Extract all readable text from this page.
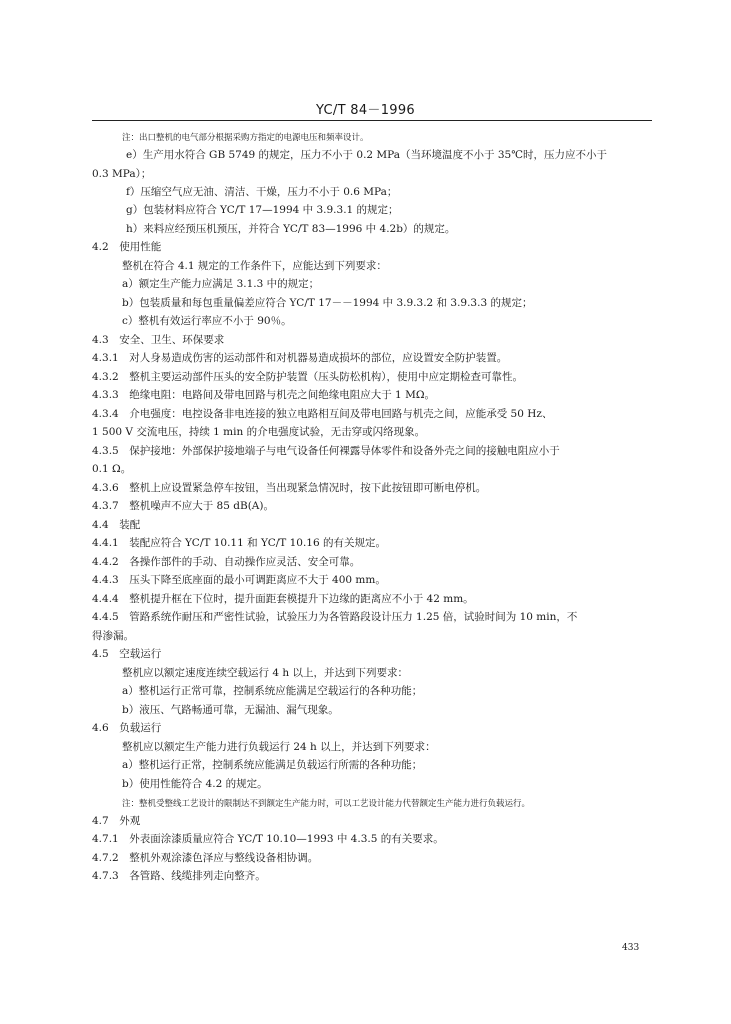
YC/T 84－1996
注：出口整机的电气部分根据采购方指定的电源电压和频率设计。
e）生产用水符合 GB 5749 的规定，压力不小于 0.2 MPa（当环境温度不小于 35℃时，压力应不小于
0.3 MPa）；
f）压缩空气应无油、清洁、干燥，压力不小于 0.6 MPa；
g）包装材料应符合 YC/T 17—1994 中 3.9.3.1 的规定；
h）来料应经预压机预压，并符合 YC/T 83—1996 中 4.2b）的规定。
4.2　使用性能
整机在符合 4.1 规定的工作条件下，应能达到下列要求：
a）额定生产能力应满足 3.1.3 中的规定；
b）包装质量和每包重量偏差应符合 YC/T 17－－1994 中 3.9.3.2 和 3.9.3.3 的规定；
c）整机有效运行率应不小于 90％。
4.3　安全、卫生、环保要求
4.3.1　对人身易造成伤害的运动部件和对机器易造成损坏的部位，应设置安全防护装置。
4.3.2　整机主要运动部件压头的安全防护装置（压头防松机构），使用中应定期检查可靠性。
4.3.3　绝缘电阻：电路间及带电回路与机壳之间绝缘电阻应大于 1 MΩ。
4.3.4　介电强度：电控设备非电连接的独立电路相互间及带电回路与机壳之间，应能承受 50 Hz、
1 500 V 交流电压，持续 1 min 的介电强度试验，无击穿或闪络现象。
4.3.5　保护接地：外部保护接地端子与电气设备任何裸露导体零件和设备外壳之间的接触电阻应小于
0.1 Ω。
4.3.6　整机上应设置紧急停车按钮，当出现紧急情况时，按下此按钮即可断电停机。
4.3.7　整机噪声不应大于 85 dB(A)。
4.4　装配
4.4.1　装配应符合 YC/T 10.11 和 YC/T 10.16 的有关规定。
4.4.2　各操作部件的手动、自动操作应灵活、安全可靠。
4.4.3　压头下降至底座面的最小可调距离应不大于 400 mm。
4.4.4　整机提升框在下位时，提升面距套模提升下边缘的距离应不小于 42 mm。
4.4.5　管路系统作耐压和严密性试验，试验压力为各管路段设计压力 1.25 倍，试验时间为 10 min，不
得渗漏。
4.5　空载运行
整机应以额定速度连续空载运行 4 h 以上，并达到下列要求：
a）整机运行正常可靠，控制系统应能满足空载运行的各种功能；
b）液压、气路畅通可靠，无漏油、漏气现象。
4.6　负载运行
整机应以额定生产能力进行负载运行 24 h 以上，并达到下列要求：
a）整机运行正常，控制系统应能满足负载运行所需的各种功能；
b）使用性能符合 4.2 的规定。
注：整机受整线工艺设计的限制达不到额定生产能力时，可以工艺设计能力代替额定生产能力进行负载运行。
4.7　外观
4.7.1　外表面涂漆质量应符合 YC/T 10.10—1993 中 4.3.5 的有关要求。
4.7.2　整机外观涂漆色泽应与整线设备相协调。
4.7.3　各管路、线缆排列走向整齐。
433
